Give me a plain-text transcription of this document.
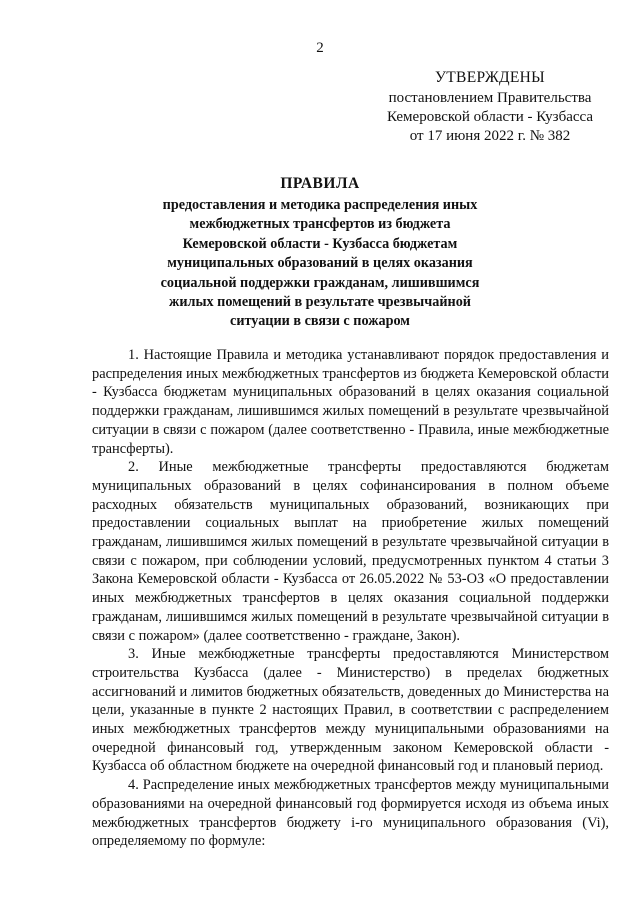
2
УТВЕРЖДЕНЫ
постановлением Правительства
Кемеровской области - Кузбасса
от 17 июня 2022 г. № 382
ПРАВИЛА
предоставления и методика распределения иных
межбюджетных трансфертов из бюджета
Кемеровской области - Кузбасса бюджетам
муниципальных образований в целях оказания
социальной поддержки гражданам, лишившимся
жилых помещений в результате чрезвычайной
ситуации в связи с пожаром

1. Настоящие Правила и методика устанавливают порядок предоставления и распределения иных межбюджетных трансфертов из бюджета Кемеровской области - Кузбасса бюджетам муниципальных образований в целях оказания социальной поддержки гражданам, лишившимся жилых помещений в результате чрезвычайной ситуации в связи с пожаром (далее соответственно - Правила, иные межбюджетные трансферты).

2. Иные межбюджетные трансферты предоставляются бюджетам муниципальных образований в целях софинансирования в полном объеме расходных обязательств муниципальных образований, возникающих при предоставлении социальных выплат на приобретение жилых помещений гражданам, лишившимся жилых помещений в результате чрезвычайной ситуации в связи с пожаром, при соблюдении условий, предусмотренных пунктом 4 статьи 3 Закона Кемеровской области - Кузбасса от 26.05.2022 № 53-ОЗ «О предоставлении иных межбюджетных трансфертов в целях оказания социальной поддержки гражданам, лишившимся жилых помещений в результате чрезвычайной ситуации в связи с пожаром» (далее соответственно - граждане, Закон).

3. Иные межбюджетные трансферты предоставляются Министерством строительства Кузбасса (далее - Министерство) в пределах бюджетных ассигнований и лимитов бюджетных обязательств, доведенных до Министерства на цели, указанные в пункте 2 настоящих Правил, в соответствии с распределением иных межбюджетных трансфертов между муниципальными образованиями на очередной финансовый год, утвержденным законом Кемеровской области - Кузбасса об областном бюджете на очередной финансовый год и плановый период.

4. Распределение иных межбюджетных трансфертов между муниципальными образованиями на очередной финансовый год формируется исходя из объема иных межбюджетных трансфертов бюджету i-го муниципального образования (Vi), определяемому по формуле:
